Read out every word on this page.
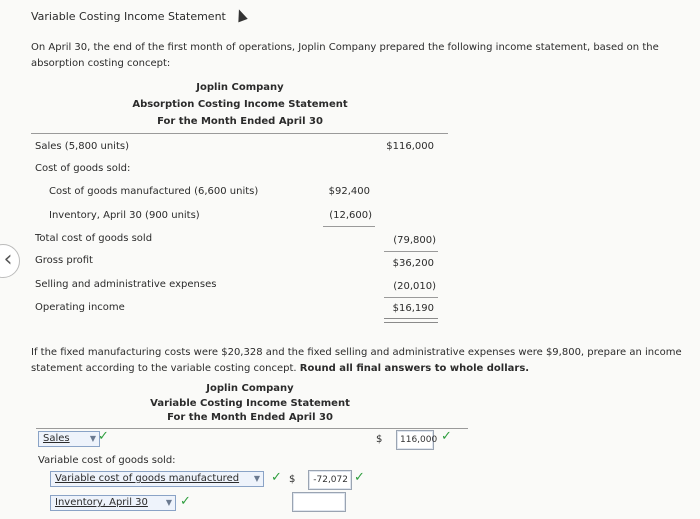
Variable Costing Income Statement
On April 30, the end of the first month of operations, Joplin Company prepared the following income statement, based on the absorption costing concept:
Joplin Company
Absorption Costing Income Statement
For the Month Ended April 30
Sales (5,800 units)	$116,000
Cost of goods sold:
Cost of goods manufactured (6,600 units)	$92,400
Inventory, April 30 (900 units)	(12,600)
Total cost of goods sold	(79,800)
Gross profit	$36,200
Selling and administrative expenses	(20,010)
Operating income	$16,190
‹
If the fixed manufacturing costs were $20,328 and the fixed selling and administrative expenses were $9,800, prepare an income
statement according to the variable costing concept. Round all final answers to whole dollars.
Joplin Company
Variable Costing Income Statement
For the Month Ended April 30
Sales	▼ ✓	$	116,000 ✓
Variable cost of goods sold:
Variable cost of goods manufactured ▼ ✓ $	-72,072 ✓
Inventory, April 30 ▼ ✓
